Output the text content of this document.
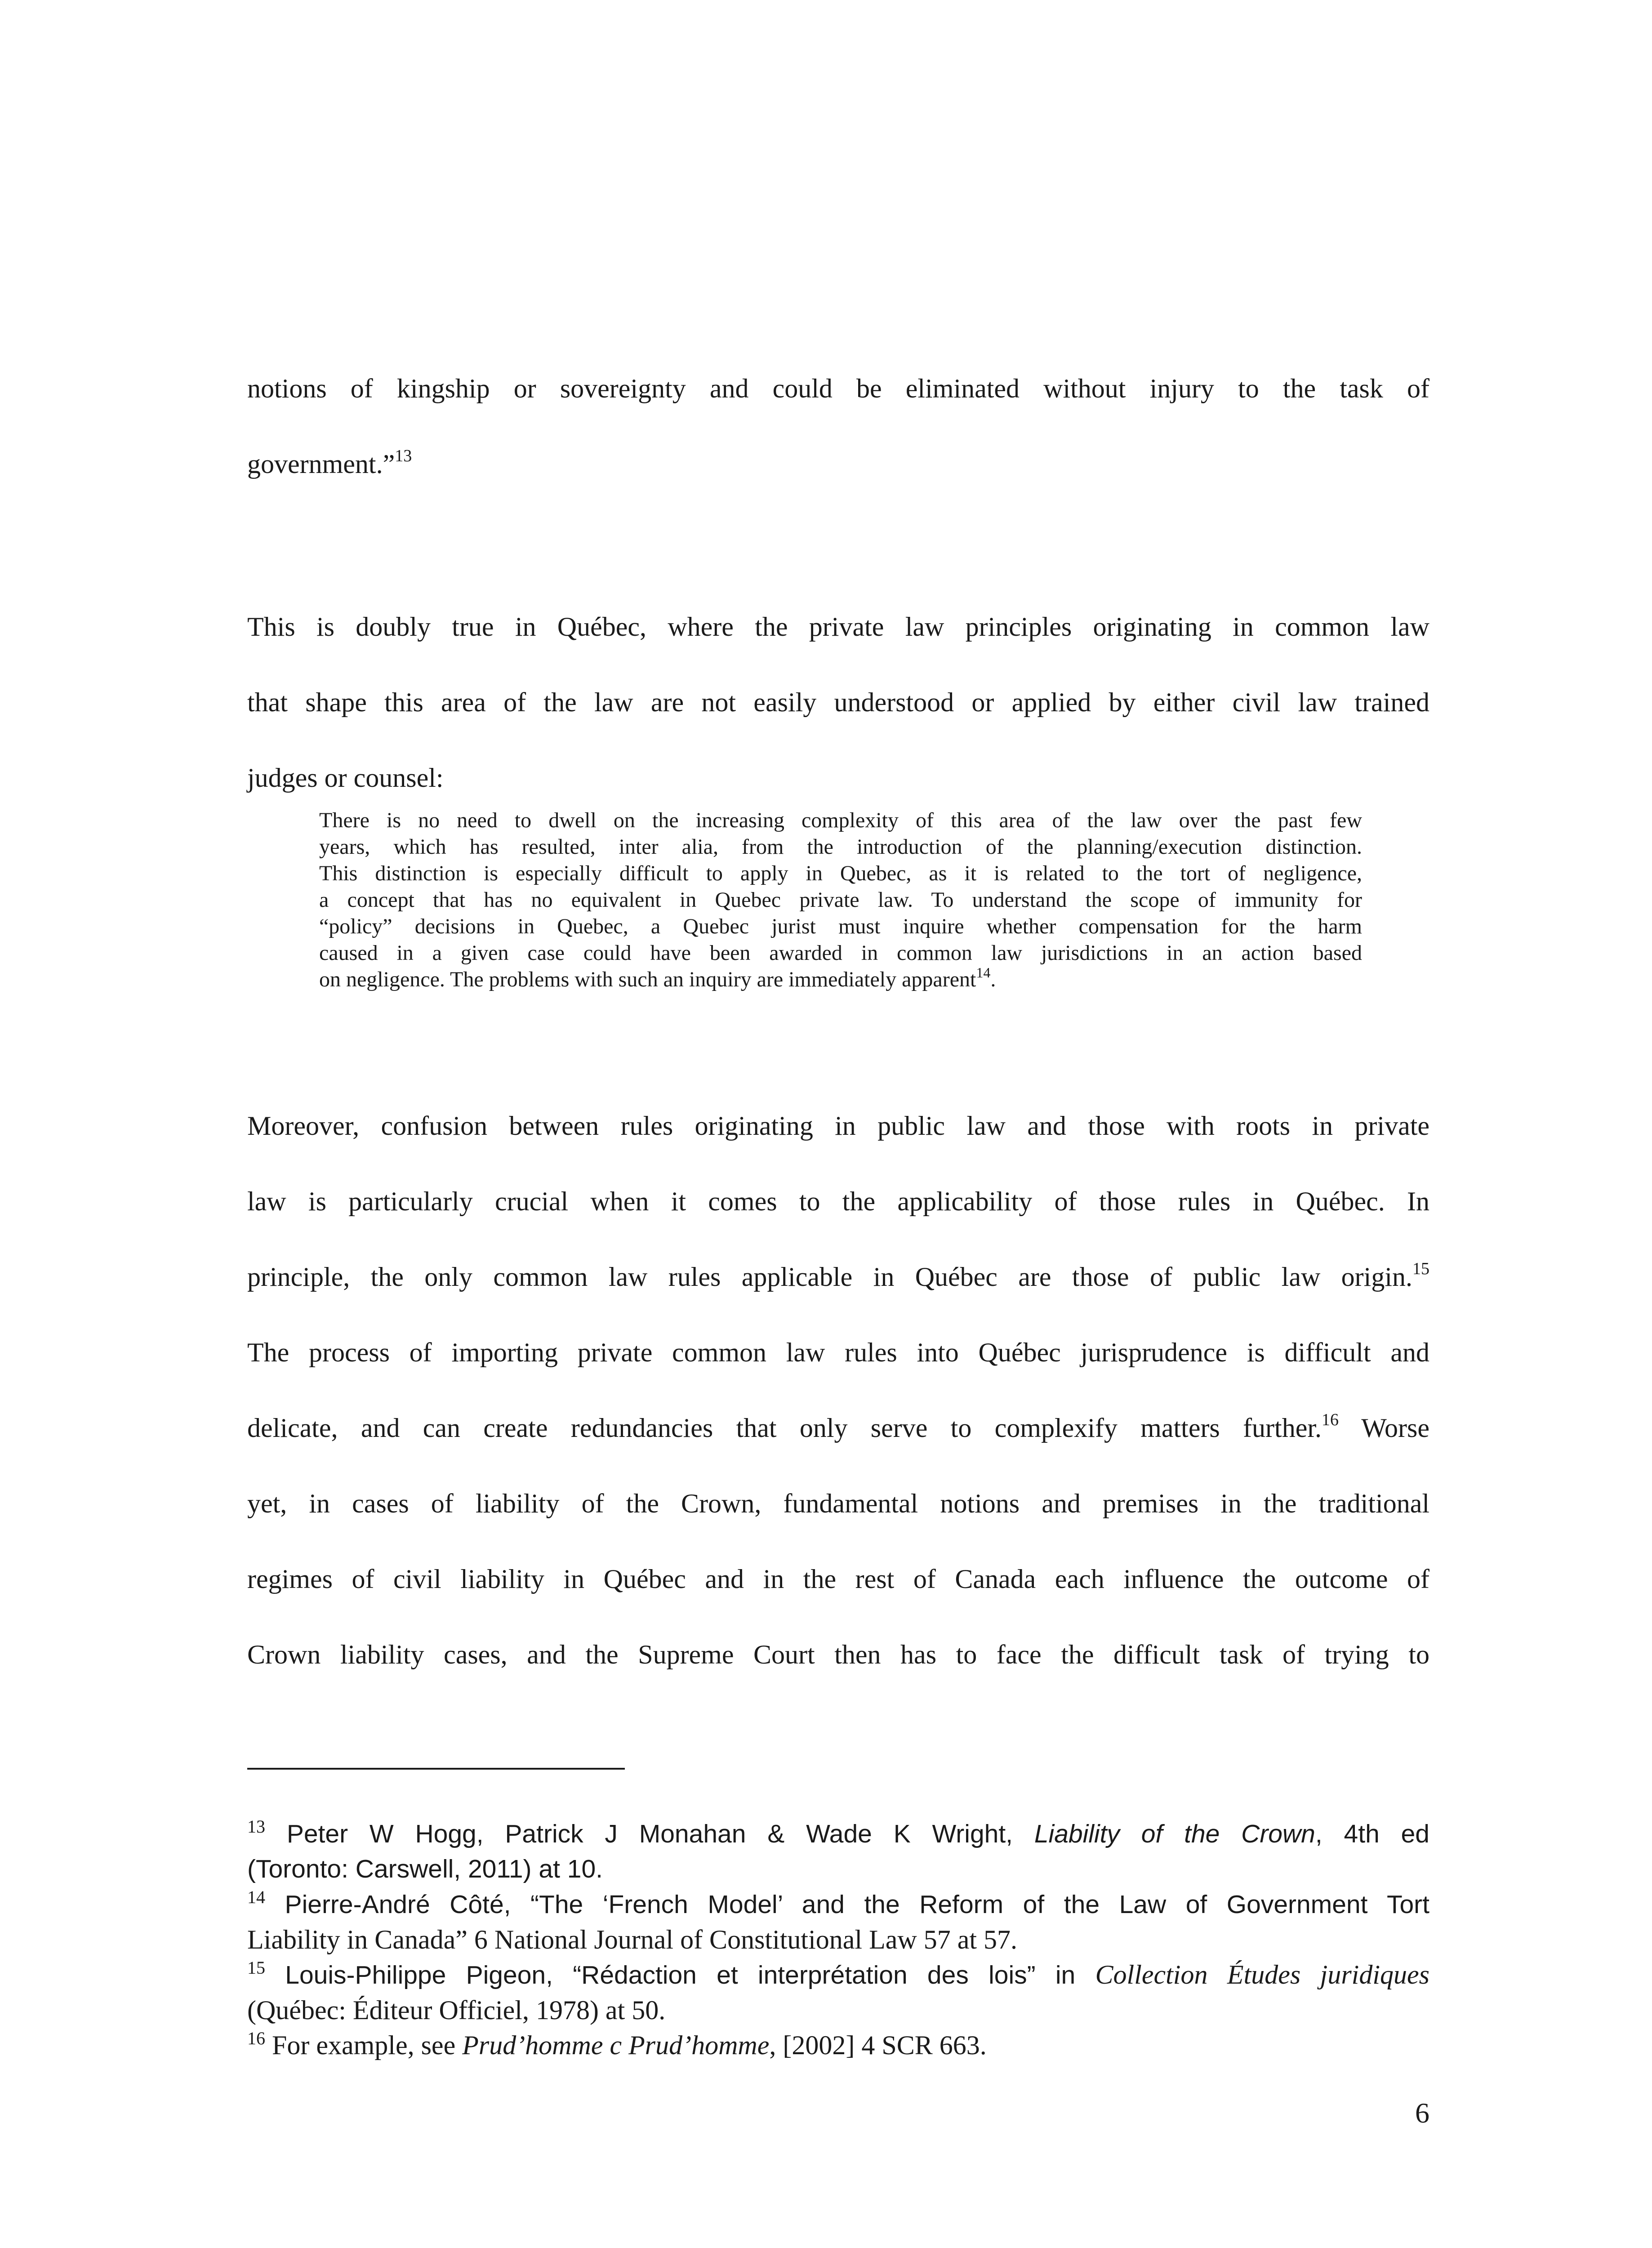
notions of kingship or sovereignty and could be eliminated without injury to the task of
government.”$^{13}$
This is doubly true in Québec, where the private law principles originating in common law
that shape this area of the law are not easily understood or applied by either civil law trained
judges or counsel:
There is no need to dwell on the increasing complexity of this area of the law over the past few
years, which has resulted, inter alia, from the introduction of the planning/execution distinction.
This distinction is especially difficult to apply in Quebec, as it is related to the tort of negligence,
a concept that has no equivalent in Quebec private law. To understand the scope of immunity for
“policy” decisions in Quebec, a Quebec jurist must inquire whether compensation for the harm
caused in a given case could have been awarded in common law jurisdictions in an action based
on negligence. The problems with such an inquiry are immediately apparent$^{14}$.
Moreover, confusion between rules originating in public law and those with roots in private
law is particularly crucial when it comes to the applicability of those rules in Québec. In
principle, the only common law rules applicable in Québec are those of public law origin.$^{15}$
The process of importing private common law rules into Québec jurisprudence is difficult and
delicate, and can create redundancies that only serve to complexify matters further.$^{16}$ Worse
yet, in cases of liability of the Crown, fundamental notions and premises in the traditional
regimes of civil liability in Québec and in the rest of Canada each influence the outcome of
Crown liability cases, and the Supreme Court then has to face the difficult task of trying to
$^{13}$ Peter W Hogg, Patrick J Monahan & Wade K Wright, Liability of the Crown, 4th ed
(Toronto: Carswell, 2011) at 10.
$^{14}$ Pierre-André Côté, “The ‘French Model’ and the Reform of the Law of Government Tort
Liability in Canada” 6 National Journal of Constitutional Law 57 at 57.
$^{15}$ Louis-Philippe Pigeon, “Rédaction et interprétation des lois” in Collection Études juridiques
(Québec: Éditeur Officiel, 1978) at 50.
$^{16}$ For example, see Prud’homme c Prud’homme, [2002] 4 SCR 663.
6
